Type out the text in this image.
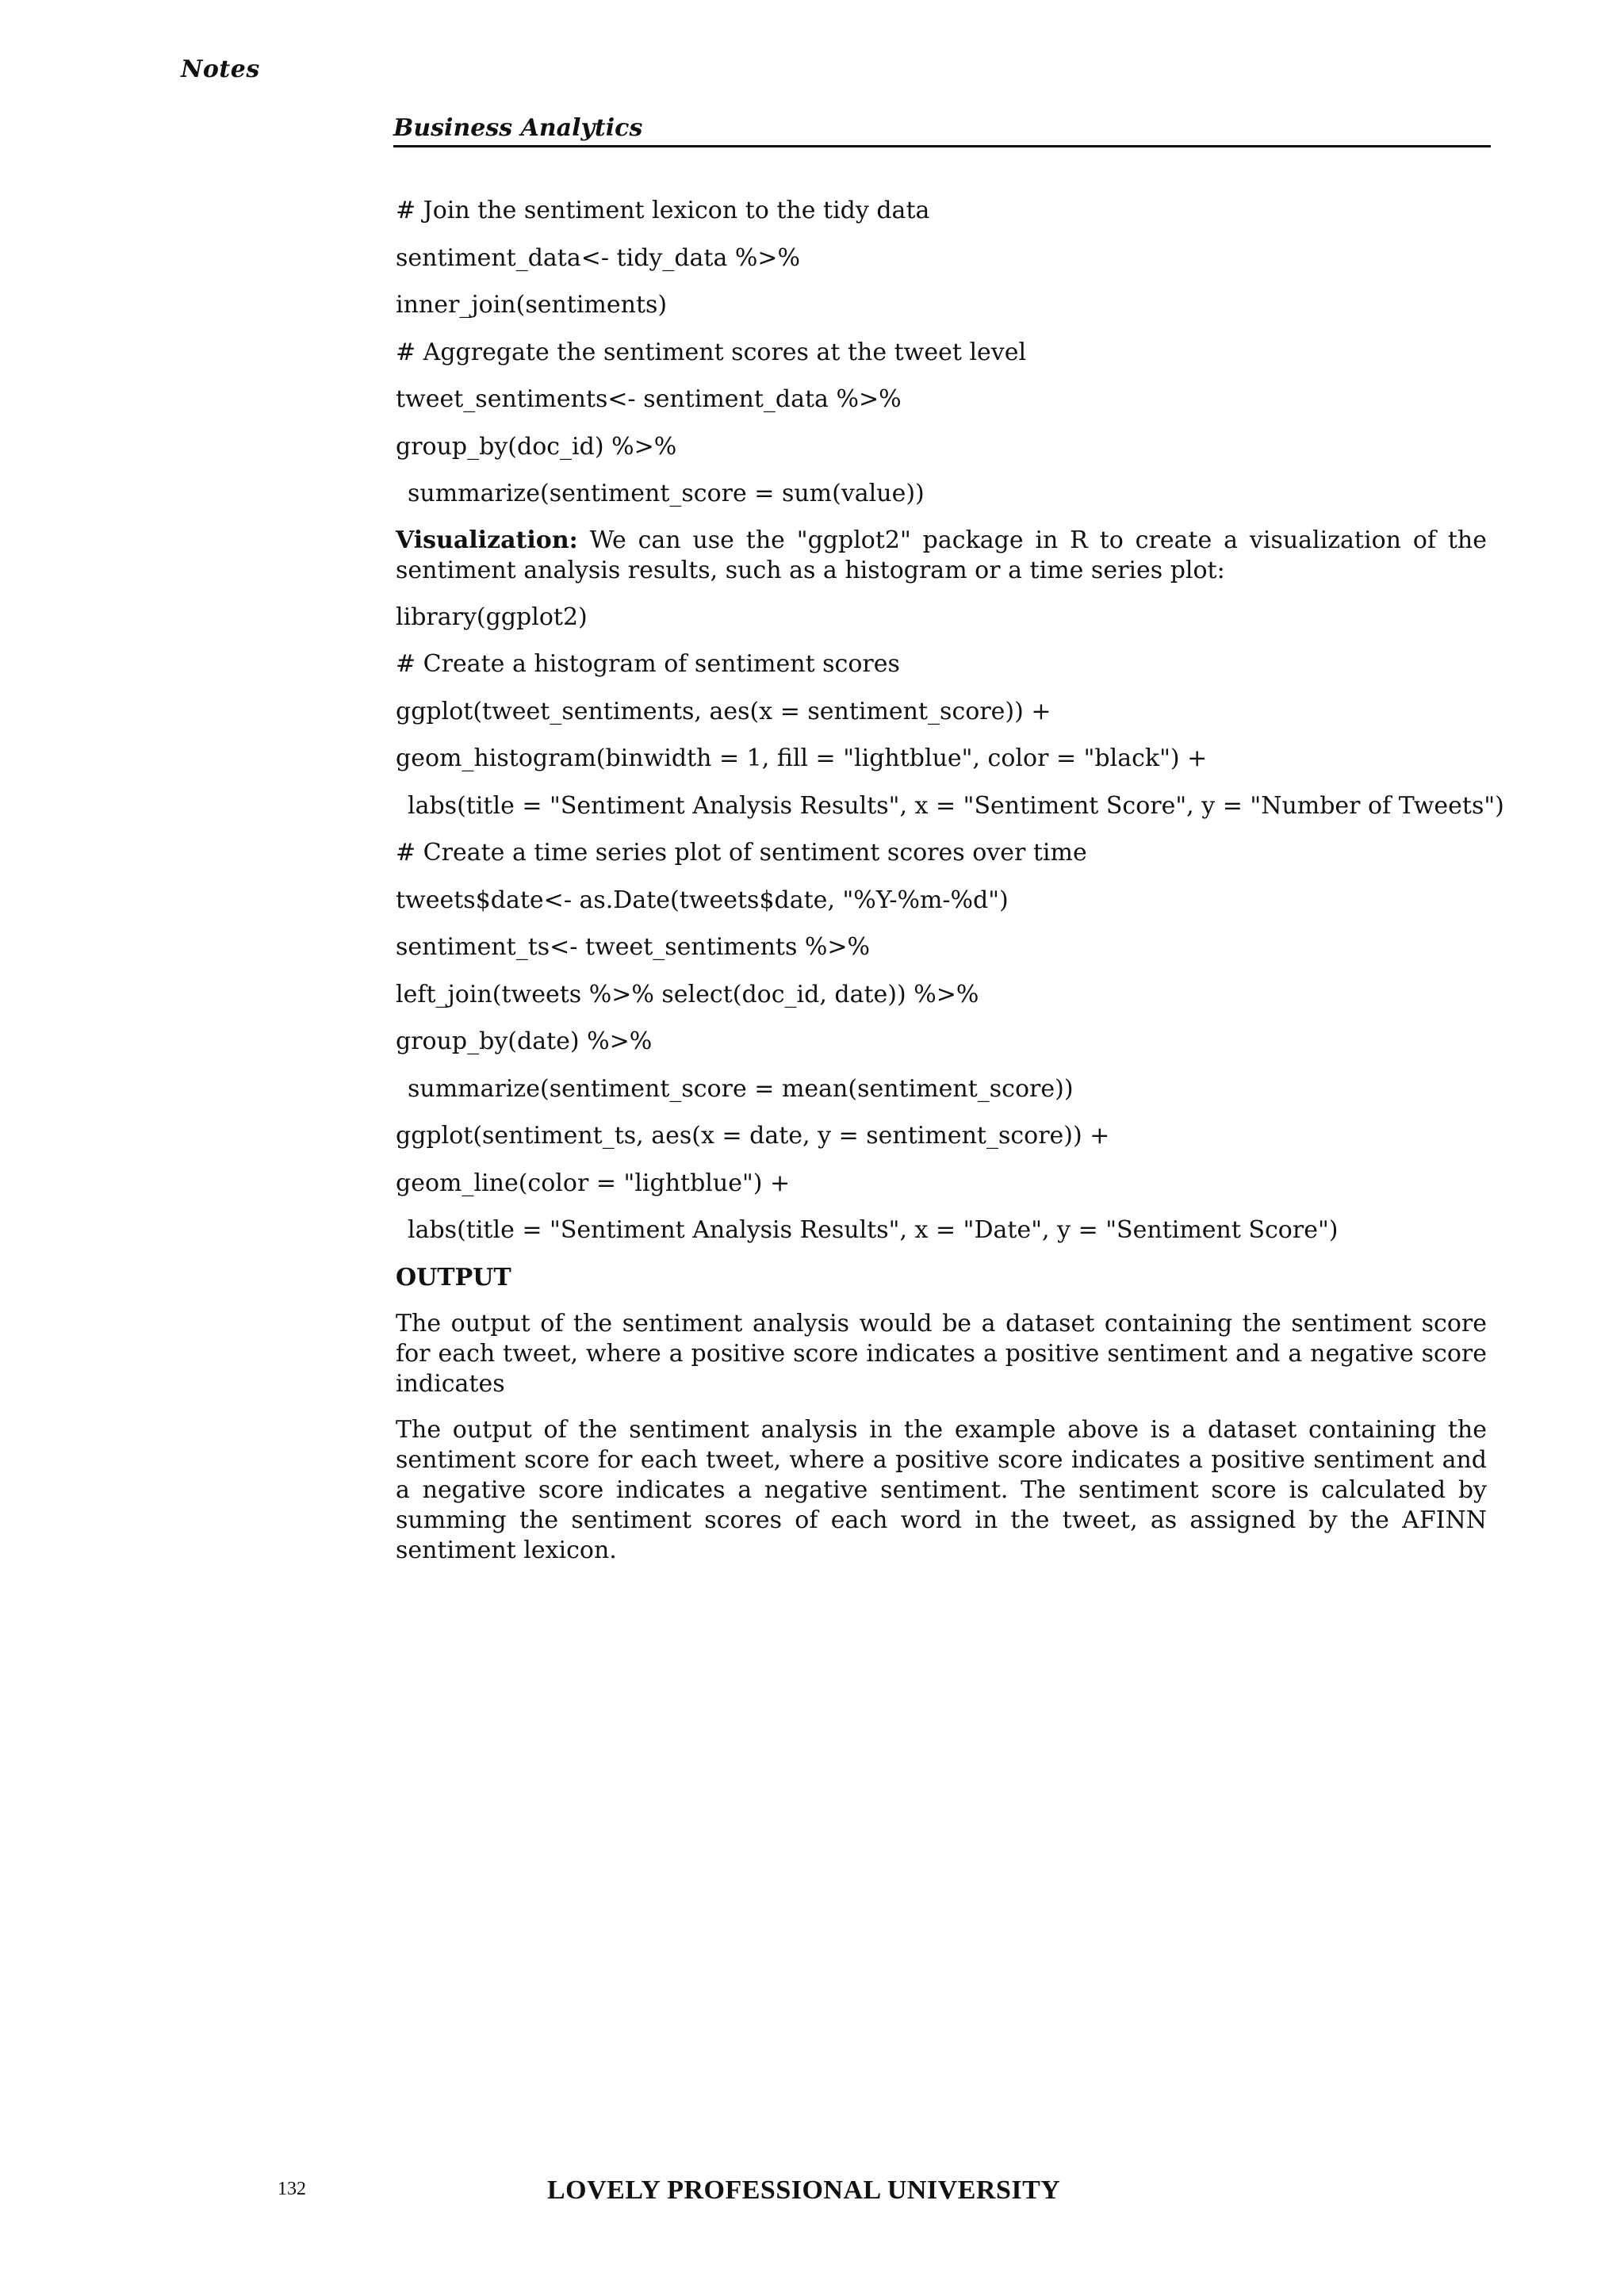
Notes
Business Analytics
# Join the sentiment lexicon to the tidy data
sentiment_data<- tidy_data %>%
inner_join(sentiments)
# Aggregate the sentiment scores at the tweet level
tweet_sentiments<- sentiment_data %>%
group_by(doc_id) %>%
summarize(sentiment_score = sum(value))

Visualization: We can use the "ggplot2" package in R to create a visualization of the sentiment analysis results, such as a histogram or a time series plot:

library(ggplot2)
# Create a histogram of sentiment scores
ggplot(tweet_sentiments, aes(x = sentiment_score)) +
geom_histogram(binwidth = 1, fill = "lightblue", color = "black") +
labs(title = "Sentiment Analysis Results", x = "Sentiment Score", y = "Number of Tweets")
# Create a time series plot of sentiment scores over time
tweets$date<- as.Date(tweets$date, "%Y-%m-%d")
sentiment_ts<- tweet_sentiments %>%
left_join(tweets %>% select(doc_id, date)) %>%
group_by(date) %>%
summarize(sentiment_score = mean(sentiment_score))
ggplot(sentiment_ts, aes(x = date, y = sentiment_score)) +
geom_line(color = "lightblue") +
labs(title = "Sentiment Analysis Results", x = "Date", y = "Sentiment Score")
OUTPUT

The output of the sentiment analysis would be a dataset containing the sentiment score for each tweet, where a positive score indicates a positive sentiment and a negative score indicates

The output of the sentiment analysis in the example above is a dataset containing the sentiment score for each tweet, where a positive score indicates a positive sentiment and a negative score indicates a negative sentiment. The sentiment score is calculated by summing the sentiment scores of each word in the tweet, as assigned by the AFINN sentiment lexicon.

132	LOVELY PROFESSIONAL UNIVERSITY
